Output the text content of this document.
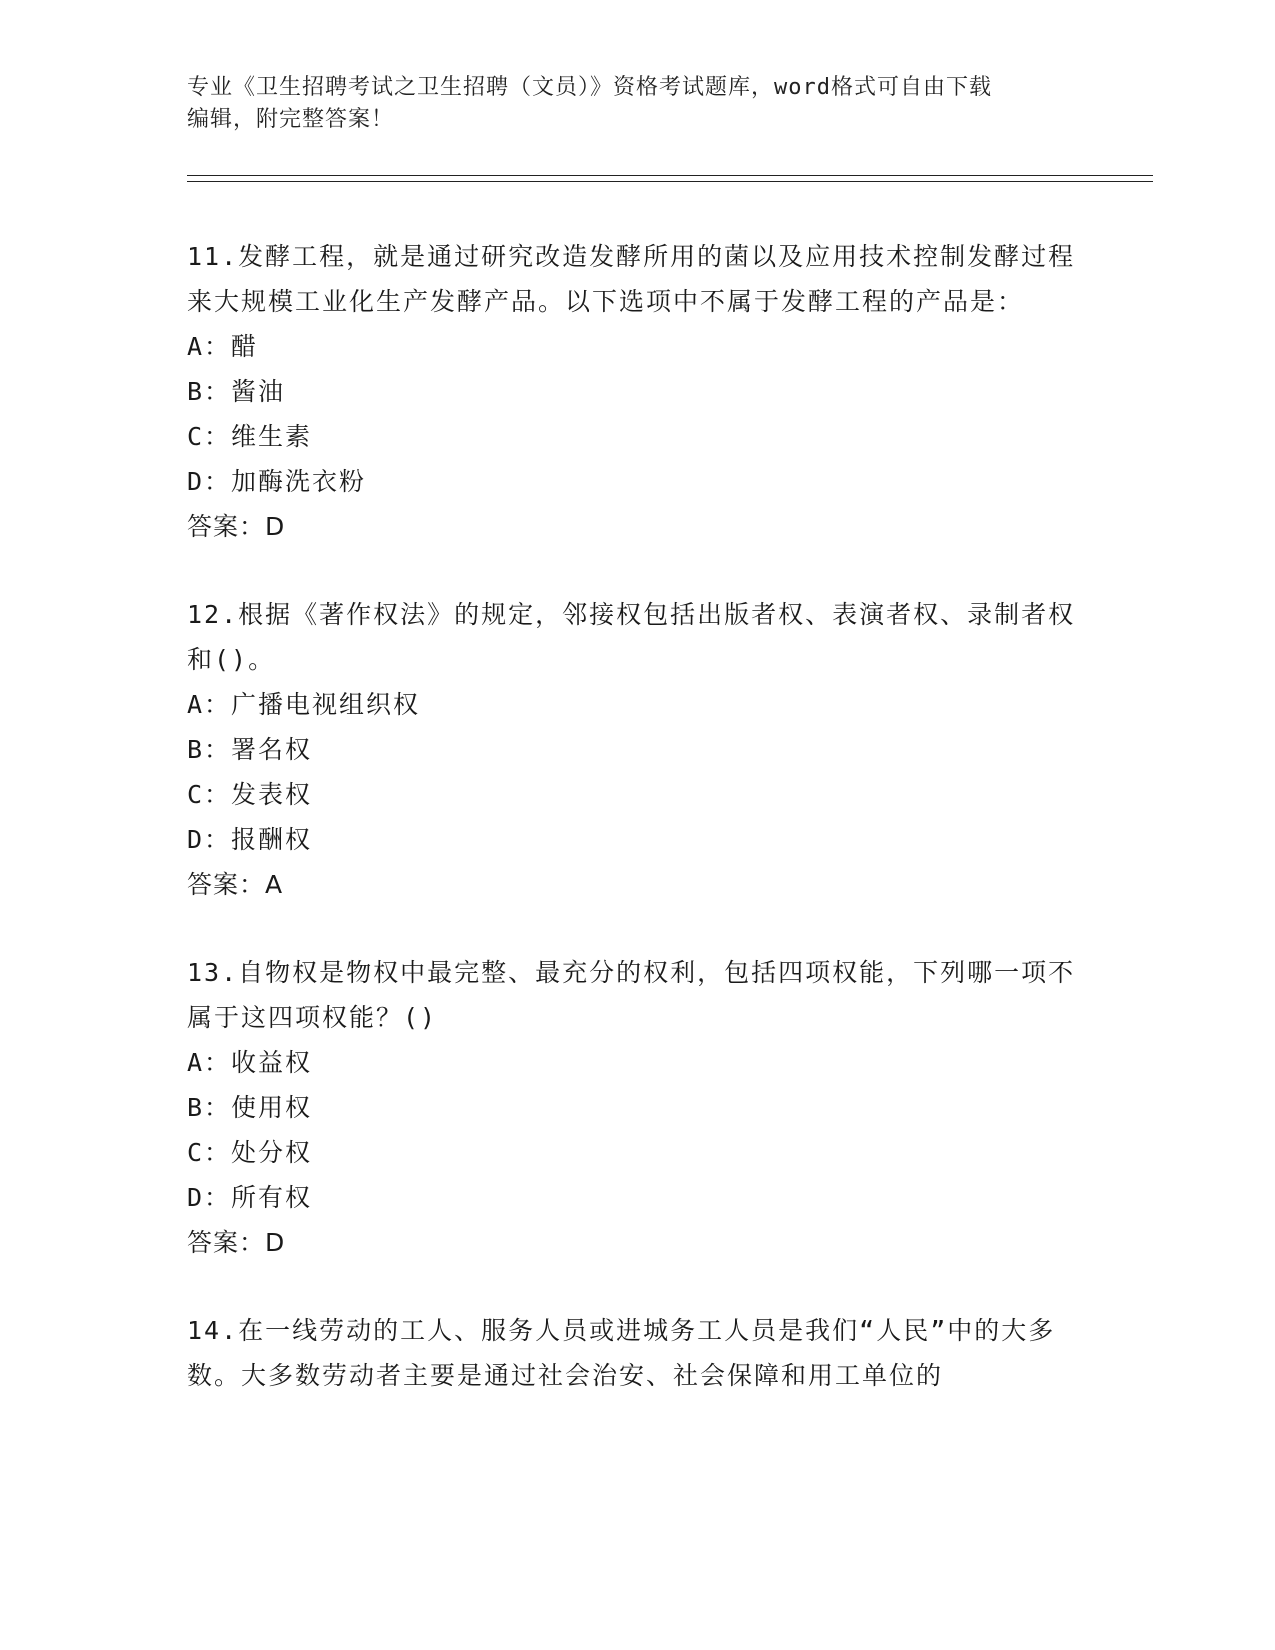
专业《卫生招聘考试之卫生招聘（文员）》资格考试题库，word格式可自由下载
编辑，附完整答案！

11.发酵工程，就是通过研究改造发酵所用的菌以及应用技术控制发酵过程来大规模工业化生产发酵产品。以下选项中不属于发酵工程的产品是：

A：醋

B：酱油

C：维生素

D：加酶洗衣粉

答案：D

12.根据《著作权法》的规定，邻接权包括出版者权、表演者权、录制者权和()。

A：广播电视组织权

B：署名权

C：发表权

D：报酬权

答案：A

13.自物权是物权中最完整、最充分的权利，包括四项权能，下列哪一项不属于这四项权能？()

A：收益权

B：使用权

C：处分权

D：所有权

答案：D

14.在一线劳动的工人、服务人员或进城务工人员是我们“人民”中的大多数。大多数劳动者主要是通过社会治安、社会保障和用工单位的
